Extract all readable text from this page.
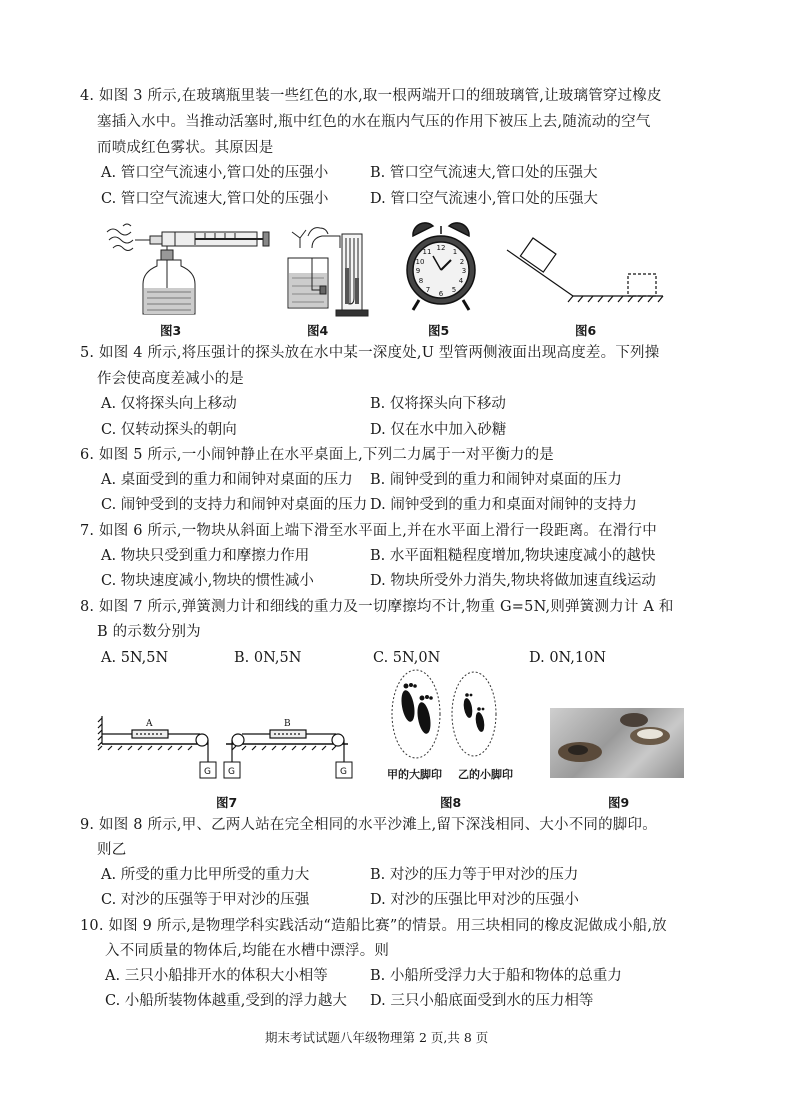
4. 如图 3 所示,在玻璃瓶里装一些红色的水,取一根两端开口的细玻璃管,让玻璃管穿过橡皮
塞插入水中。当推动活塞时,瓶中红色的水在瓶内气压的作用下被压上去,随流动的空气
而喷成红色雾状。其原因是
A. 管口空气流速小,管口处的压强小	B. 管口空气流速大,管口处的压强大
C. 管口空气流速大,管口处的压强小	D. 管口空气流速小,管口处的压强大
图3	图4
12 1
2
3
4
5
6
7
8
9
10
11
图5	图6
5. 如图 4 所示,将压强计的探头放在水中某一深度处,U 型管两侧液面出现高度差。下列操
作会使高度差减小的是
A. 仅将探头向上移动	B. 仅将探头向下移动
C. 仅转动探头的朝向	D. 仅在水中加入砂糖
6. 如图 5 所示,一小闹钟静止在水平桌面上,下列二力属于一对平衡力的是
A. 桌面受到的重力和闹钟对桌面的压力 B. 闹钟受到的重力和闹钟对桌面的压力
C. 闹钟受到的支持力和闹钟对桌面的压力 D. 闹钟受到的重力和桌面对闹钟的支持力
7. 如图 6 所示,一物块从斜面上端下滑至水平面上,并在水平面上滑行一段距离。在滑行中
A. 物块只受到重力和摩擦力作用	B. 水平面粗糙程度增加,物块速度减小的越快
C. 物块速度减小,物块的惯性减小	D. 物块所受外力消失,物块将做加速直线运动
8. 如图 7 所示,弹簧测力计和细线的重力及一切摩擦均不计,物重 G=5N,则弹簧测力计 A 和
B 的示数分别为
A. 5N,5N	B. 0N,5N	C. 5N,0N	D. 0N,10N
A
G
B
G	G
图7
甲的大脚印 乙的小脚印
图8	图9
9. 如图 8 所示,甲、乙两人站在完全相同的水平沙滩上,留下深浅相同、大小不同的脚印。
则乙
A. 所受的重力比甲所受的重力大	B. 对沙的压力等于甲对沙的压力
C. 对沙的压强等于甲对沙的压强	D. 对沙的压强比甲对沙的压强小
10. 如图 9 所示,是物理学科实践活动“造船比赛”的情景。用三块相同的橡皮泥做成小船,放
入不同质量的物体后,均能在水槽中漂浮。则
A. 三只小船排开水的体积大小相等	B. 小船所受浮力大于船和物体的总重力
C. 小船所装物体越重,受到的浮力越大 D. 三只小船底面受到水的压力相等
期末考试试题八年级物理第 2 页,共 8 页
